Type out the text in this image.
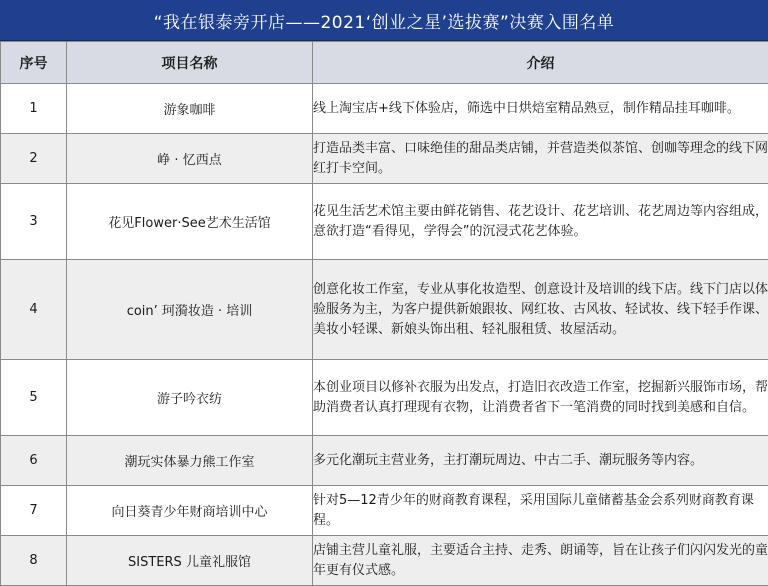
“我在银泰旁开店——2021‘创业之星’选拔赛”决赛入围名单
序号	项目名称	介绍
1	游象咖啡	线上淘宝店+线下体验店，筛选中日烘焙室精品熟豆，制作精品挂耳咖啡。
2	峥 · 忆西点	打造品类丰富、口味绝佳的甜品类店铺，并营造类似茶馆、创咖等理念的线下网红打卡空间。
3	花见Flower·See艺术生活馆	花见生活艺术馆主要由鲜花销售、花艺设计、花艺培训、花艺周边等内容组成，意欲打造“看得见，学得会”的沉浸式花艺体验。
4	coin’ 珂漪妆造 · 培训	创意化妆工作室，专业从事化妆造型、创意设计及培训的线下店。线下门店以体验服务为主，为客户提供新娘跟妆、网红妆、古风妆、轻试妆、线下轻手作课、美妆小轻课、新娘头饰出租、轻礼服租赁、妆屋活动。
5	游子吟衣纺	本创业项目以修补衣服为出发点，打造旧衣改造工作室，挖掘新兴服饰市场，帮助消费者认真打理现有衣物，让消费者省下一笔消费的同时找到美感和自信。
6	潮玩实体暴力熊工作室	多元化潮玩主营业务，主打潮玩周边、中古二手、潮玩服务等内容。
7	向日葵青少年财商培训中心	针对5—12青少年的财商教育课程，采用国际儿童储蓄基金会系列财商教育课程。
8	SISTERS 儿童礼服馆	店铺主营儿童礼服，主要适合主持、走秀、朗诵等，旨在让孩子们闪闪发光的童年更有仪式感。
